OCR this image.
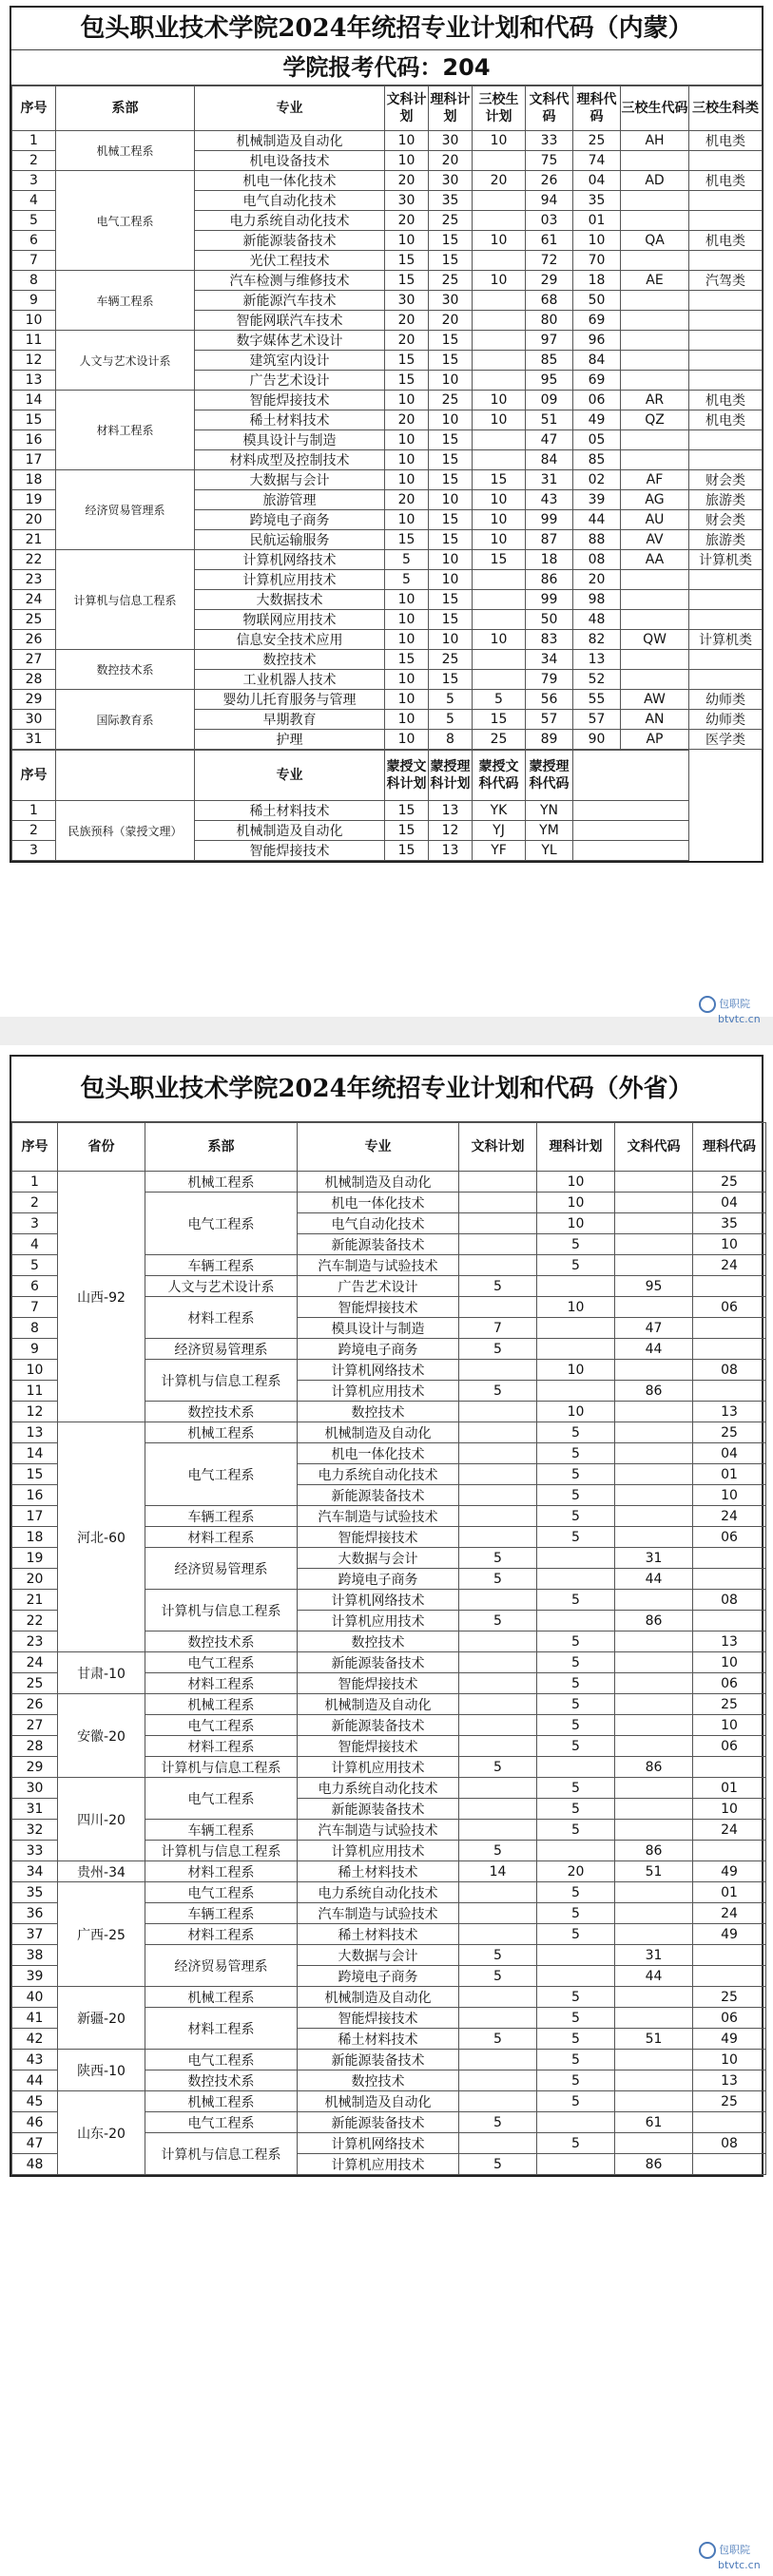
包头职业技术学院2024年统招专业计划和代码（内蒙）
学院报考代码：204
序号	系部	专业	文科计划	理科计划	三校生计划	文科代码	理科代码	三校生代码	三校生科类
1	机械工程系	机械制造及自动化	10	30	10	33	25	AH	机电类
2		机电设备技术	10	20		75	74		
3	电气工程系	机电一体化技术	20	30	20	26	04	AD	机电类
4		电气自动化技术	30	35		94	35		
5		电力系统自动化技术	20	25		03	01		
6		新能源装备技术	10	15	10	61	10	QA	机电类
7		光伏工程技术	15	15		72	70		
8	车辆工程系	汽车检测与维修技术	15	25	10	29	18	AE	汽驾类
9		新能源汽车技术	30	30		68	50		
10		智能网联汽车技术	20	20		80	69		
11	人文与艺术设计系	数字媒体艺术设计	20	15		97	96		
12		建筑室内设计	15	15		85	84		
13		广告艺术设计	15	10		95	69		
14	材料工程系	智能焊接技术	10	25	10	09	06	AR	机电类
15		稀土材料技术	20	10	10	51	49	QZ	机电类
16		模具设计与制造	10	15		47	05		
17		材料成型及控制技术	10	15		84	85		
18	经济贸易管理系	大数据与会计	10	15	15	31	02	AF	财会类
19		旅游管理	20	10	10	43	39	AG	旅游类
20		跨境电子商务	10	15	10	99	44	AU	财会类
21		民航运输服务	15	15	10	87	88	AV	旅游类
22	计算机与信息工程系	计算机网络技术	5	10	15	18	08	AA	计算机类
23		计算机应用技术	5	10		86	20		
24		大数据技术	10	15		99	98		
25		物联网应用技术	10	15		50	48		
26		信息安全技术应用	10	10	10	83	82	QW	计算机类
27	数控技术系	数控技术	15	25		34	13		
28		工业机器人技术	10	15		79	52		
29	国际教育系	婴幼儿托育服务与管理	10	5	5	56	55	AW	幼师类
30		早期教育	10	5	15	57	57	AN	幼师类
31		护理	10	8	25	89	90	AP	医学类
序号		专业	蒙授文科计划	蒙授理科计划	蒙授文科代码	蒙授理科代码	
1	民族预科（蒙授文理）	稀土材料技术	15	13	YK	YN	
2		机械制造及自动化	15	12	YJ	YM	
3		智能焊接技术	15	13	YF	YL	
包职院
btvtc.cn
包头职业技术学院2024年统招专业计划和代码（外省）
序号	省份	系部	专业	文科计划	理科计划	文科代码	理科代码
1	山西-92	机械工程系	机械制造及自动化		10		25
2		电气工程系	机电一体化技术		10		04
3			电气自动化技术		10		35
4			新能源装备技术		5		10
5		车辆工程系	汽车制造与试验技术		5		24
6		人文与艺术设计系	广告艺术设计	5		95	
7		材料工程系	智能焊接技术		10		06
8			模具设计与制造	7		47	
9		经济贸易管理系	跨境电子商务	5		44	
10		计算机与信息工程系	计算机网络技术		10		08
11			计算机应用技术	5		86	
12		数控技术系	数控技术		10		13
13	河北-60	机械工程系	机械制造及自动化		5		25
14		电气工程系	机电一体化技术		5		04
15			电力系统自动化技术		5		01
16			新能源装备技术		5		10
17		车辆工程系	汽车制造与试验技术		5		24
18		材料工程系	智能焊接技术		5		06
19		经济贸易管理系	大数据与会计	5		31	
20			跨境电子商务	5		44	
21		计算机与信息工程系	计算机网络技术		5		08
22			计算机应用技术	5		86	
23		数控技术系	数控技术		5		13
24	甘肃-10	电气工程系	新能源装备技术		5		10
25		材料工程系	智能焊接技术		5		06
26	安徽-20	机械工程系	机械制造及自动化		5		25
27		电气工程系	新能源装备技术		5		10
28		材料工程系	智能焊接技术		5		06
29		计算机与信息工程系	计算机应用技术	5		86	
30	四川-20	电气工程系	电力系统自动化技术		5		01
31			新能源装备技术		5		10
32		车辆工程系	汽车制造与试验技术		5		24
33		计算机与信息工程系	计算机应用技术	5		86	
34	贵州-34	材料工程系	稀土材料技术	14	20	51	49
35	广西-25	电气工程系	电力系统自动化技术		5		01
36		车辆工程系	汽车制造与试验技术		5		24
37		材料工程系	稀土材料技术		5		49
38		经济贸易管理系	大数据与会计	5		31	
39			跨境电子商务	5		44	
40	新疆-20	机械工程系	机械制造及自动化		5		25
41		材料工程系	智能焊接技术		5		06
42			稀土材料技术	5	5	51	49
43	陕西-10	电气工程系	新能源装备技术		5		10
44		数控技术系	数控技术		5		13
45	山东-20	机械工程系	机械制造及自动化		5		25
46		电气工程系	新能源装备技术	5		61	
47		计算机与信息工程系	计算机网络技术		5		08
48			计算机应用技术	5		86	
包职院
btvtc.cn
